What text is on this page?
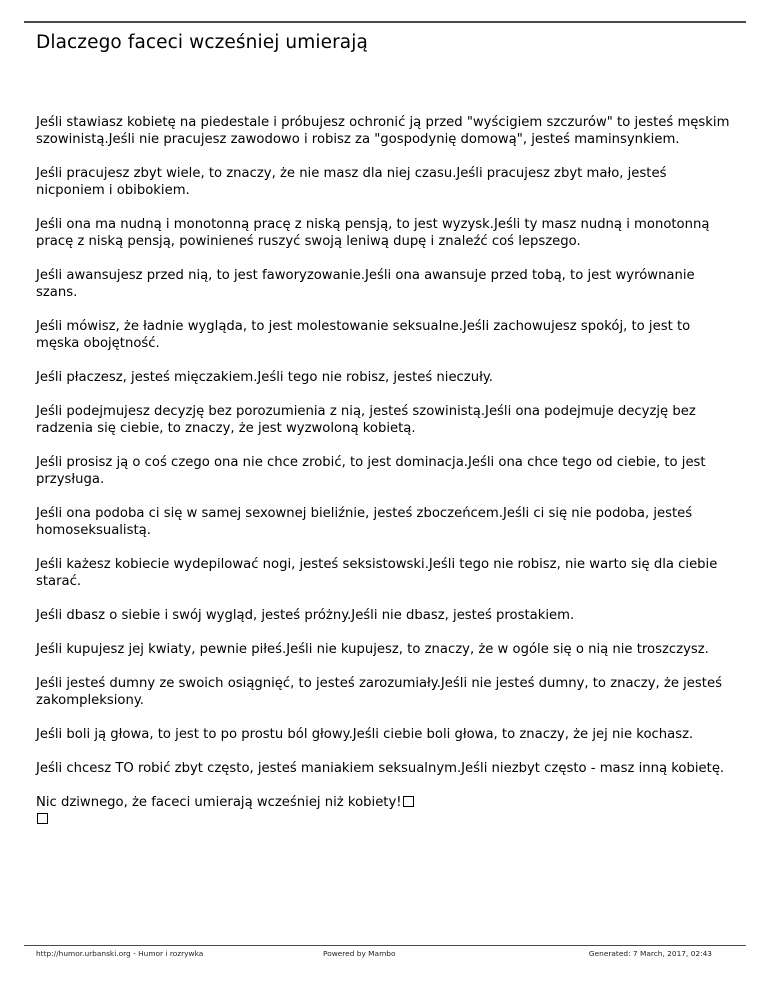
Dlaczego faceci wcześniej umierają

Jeśli stawiasz kobietę na piedestale i próbujesz ochronić ją przed "wyścigiem szczurów" to jesteś męskim
szowinistą.Jeśli nie pracujesz zawodowo i robisz za "gospodynię domową", jesteś maminsynkiem.

Jeśli pracujesz zbyt wiele, to znaczy, że nie masz dla niej czasu.Jeśli pracujesz zbyt mało, jesteś
nicponiem i obibokiem.

Jeśli ona ma nudną i monotonną pracę z niską pensją, to jest wyzysk.Jeśli ty masz nudną i monotonną
pracę z niską pensją, powinieneś ruszyć swoją leniwą dupę i znaleźć coś lepszego.

Jeśli awansujesz przed nią, to jest faworyzowanie.Jeśli ona awansuje przed tobą, to jest wyrównanie
szans.

Jeśli mówisz, że ładnie wygląda, to jest molestowanie seksualne.Jeśli zachowujesz spokój, to jest to
męska obojętność.

Jeśli płaczesz, jesteś mięczakiem.Jeśli tego nie robisz, jesteś nieczuły.

Jeśli podejmujesz decyzję bez porozumienia z nią, jesteś szowinistą.Jeśli ona podejmuje decyzję bez
radzenia się ciebie, to znaczy, że jest wyzwoloną kobietą.

Jeśli prosisz ją o coś czego ona nie chce zrobić, to jest dominacja.Jeśli ona chce tego od ciebie, to jest
przysługa.

Jeśli ona podoba ci się w samej sexownej bieliźnie, jesteś zboczeńcem.Jeśli ci się nie podoba, jesteś
homoseksualistą.

Jeśli każesz kobiecie wydepilować nogi, jesteś seksistowski.Jeśli tego nie robisz, nie warto się dla ciebie
starać.

Jeśli dbasz o siebie i swój wygląd, jesteś próżny.Jeśli nie dbasz, jesteś prostakiem.

Jeśli kupujesz jej kwiaty, pewnie piłeś.Jeśli nie kupujesz, to znaczy, że w ogóle się o nią nie troszczysz.

Jeśli jesteś dumny ze swoich osiągnięć, to jesteś zarozumiały.Jeśli nie jesteś dumny, to znaczy, że jesteś
zakompleksiony.

Jeśli boli ją głowa, to jest to po prostu ból głowy.Jeśli ciebie boli głowa, to znaczy, że jej nie kochasz.

Jeśli chcesz TO robić zbyt często, jesteś maniakiem seksualnym.Jeśli niezbyt często - masz inną kobietę.

Nic dziwnego, że faceci umierają wcześniej niż kobiety!

http://humor.urbanski.org - Humor i rozrywka	Powered by Mambo	Generated: 7 March, 2017, 02:43
